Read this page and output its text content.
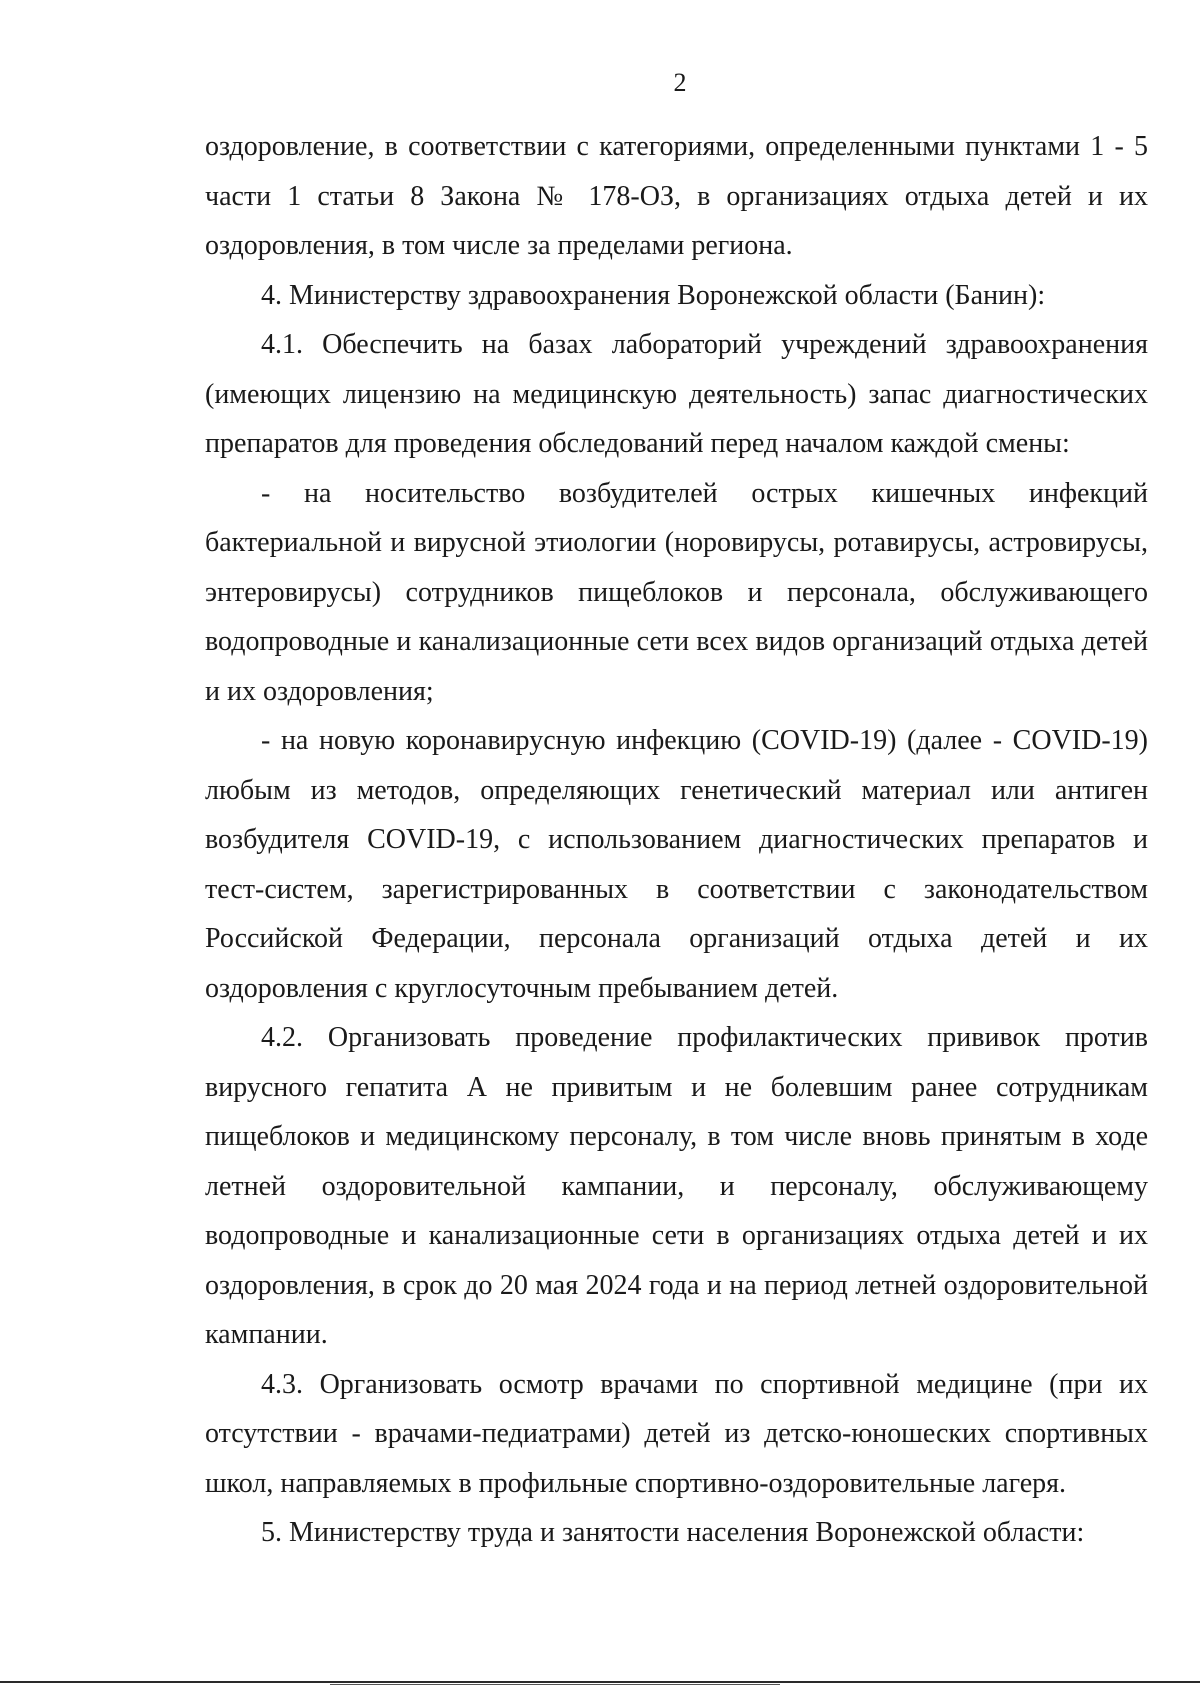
2

оздоровление, в соответствии с категориями, определенными пунктами 1 - 5 части 1 статьи 8 Закона № 178-ОЗ, в организациях отдыха детей и их оздоровления, в том числе за пределами региона.

4. Министерству здравоохранения Воронежской области (Банин):

4.1. Обеспечить на базах лабораторий учреждений здравоохранения (имеющих лицензию на медицинскую деятельность) запас диагностических препаратов для проведения обследований перед началом каждой смены:

- на носительство возбудителей острых кишечных инфекций бактериальной и вирусной этиологии (норовирусы, ротавирусы, астровирусы, энтеровирусы) сотрудников пищеблоков и персонала, обслуживающего водопроводные и канализационные сети всех видов организаций отдыха детей и их оздоровления;

- на новую коронавирусную инфекцию (COVID-19) (далее - COVID-19) любым из методов, определяющих генетический материал или антиген возбудителя COVID-19, с использованием диагностических препаратов и тест-систем, зарегистрированных в соответствии с законодательством Российской Федерации, персонала организаций отдыха детей и их оздоровления с круглосуточным пребыванием детей.

4.2. Организовать проведение профилактических прививок против вирусного гепатита А не привитым и не болевшим ранее сотрудникам пищеблоков и медицинскому персоналу, в том числе вновь принятым в ходе летней оздоровительной кампании, и персоналу, обслуживающему водопроводные и канализационные сети в организациях отдыха детей и их оздоровления, в срок до 20 мая 2024 года и на период летней оздоровительной кампании.

4.3. Организовать осмотр врачами по спортивной медицине (при их отсутствии - врачами-педиатрами) детей из детско-юношеских спортивных школ, направляемых в профильные спортивно-оздоровительные лагеря.

5. Министерству труда и занятости населения Воронежской области:
